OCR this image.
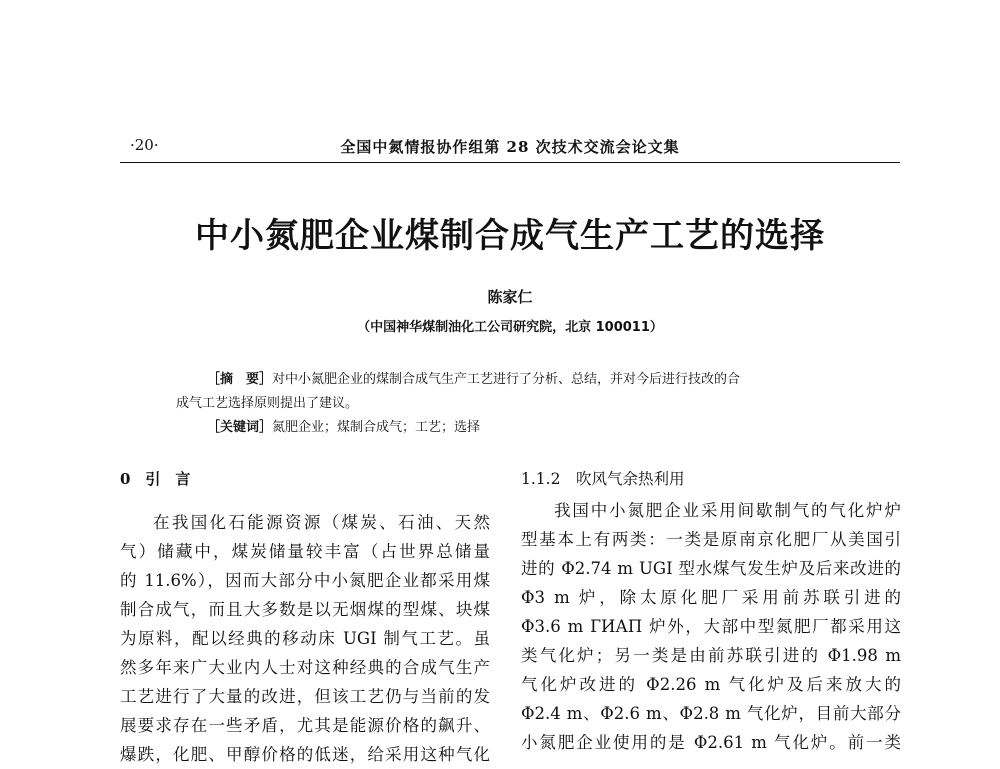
·20·	全国中氮情报协作组第 28 次技术交流会论文集
中小氮肥企业煤制合成气生产工艺的选择
陈家仁
（中国神华煤制油化工公司研究院，北京 100011）
［摘　要］对中小氮肥企业的煤制合成气生产工艺进行了分析、总结，并对今后进行技改的合
成气工艺选择原则提出了建议。
［关键词］氮肥企业；煤制合成气；工艺；选择
0　引　言
在我国化石能源资源（煤炭、石油、天然
气）储藏中，煤炭储量较丰富（占世界总储量
的 11.6%），因而大部分中小氮肥企业都采用煤
制合成气，而且大多数是以无烟煤的型煤、块煤
为原料，配以经典的移动床 UGI 制气工艺。虽
然多年来广大业内人士对这种经典的合成气生产
工艺进行了大量的改进，但该工艺仍与当前的发
展要求存在一些矛盾，尤其是能源价格的飙升、
爆跌，化肥、甲醇价格的低迷，给采用这种气化
1.1.2　吹风气余热利用
我国中小氮肥企业采用间歇制气的气化炉炉
型基本上有两类：一类是原南京化肥厂从美国引
进的 Φ2.74 m UGI 型水煤气发生炉及后来改进的
Φ3 m 炉，除太原化肥厂采用前苏联引进的
Φ3.6 m ГИАП 炉外，大部中型氮肥厂都采用这
类气化炉；另一类是由前苏联引进的 Φ1.98 m
气化炉改进的 Φ2.26 m 气化炉及后来放大的
Φ2.4 m、Φ2.6 m、Φ2.8 m 气化炉，目前大部分
小氮肥企业使用的是 Φ2.61 m 气化炉。前一类
